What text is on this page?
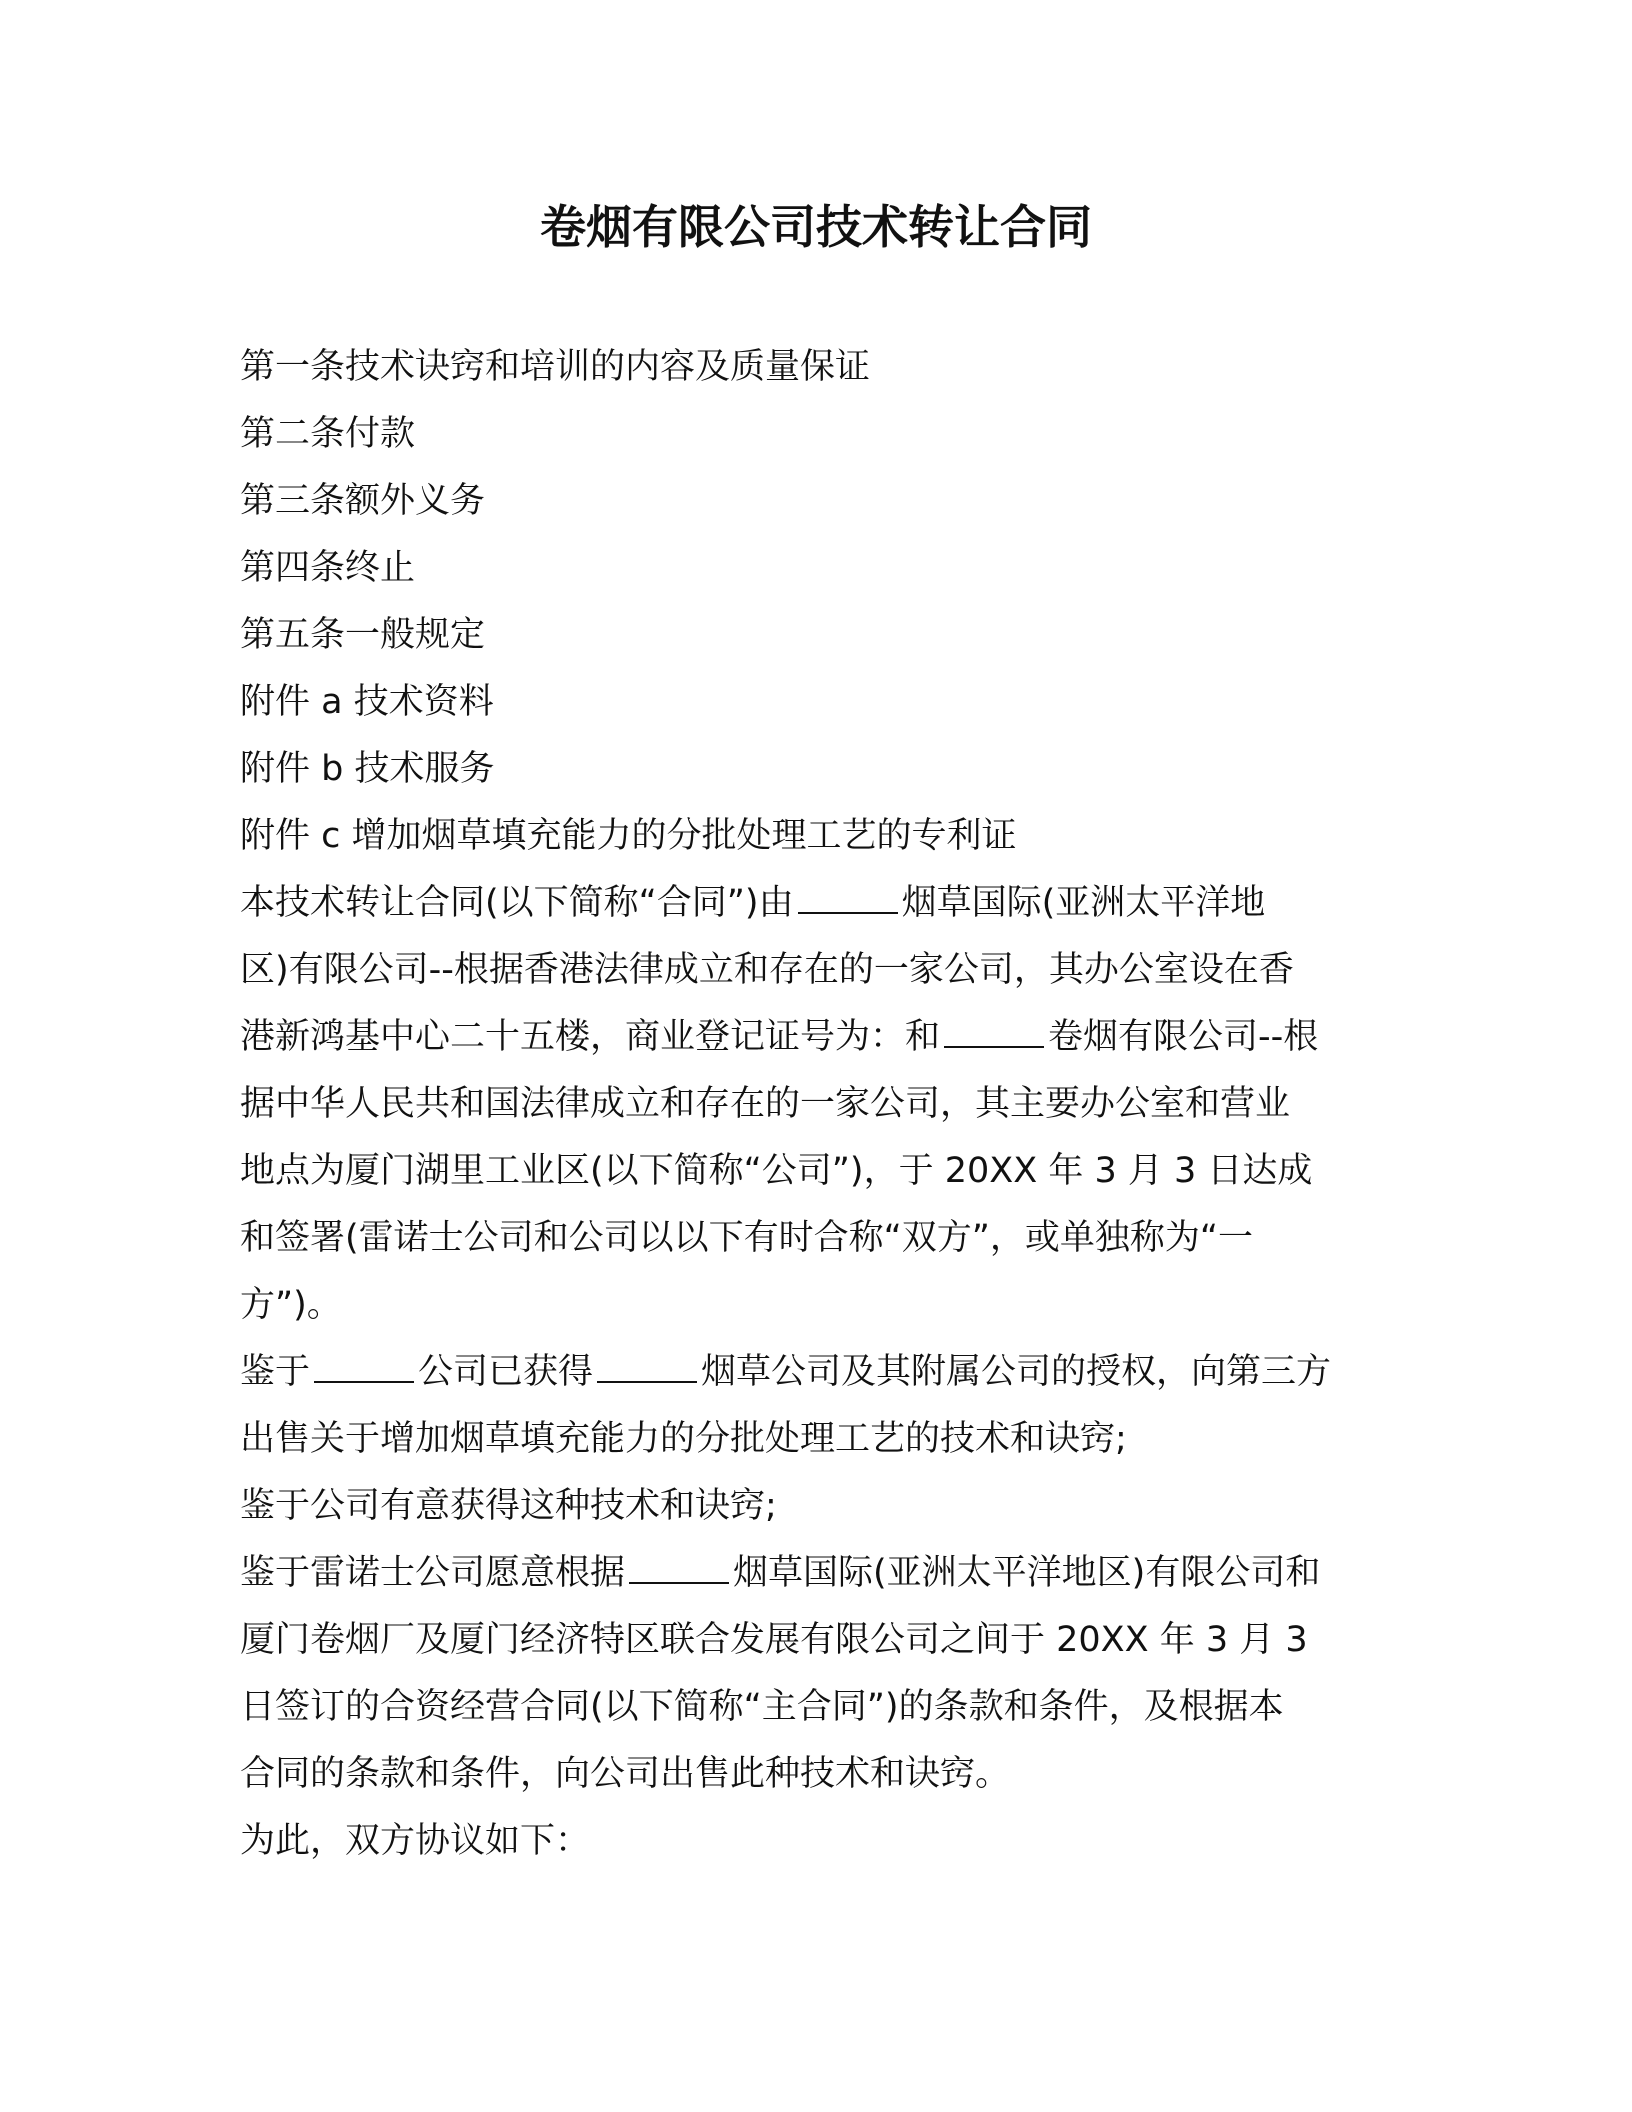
卷烟有限公司技术转让合同

第一条技术诀窍和培训的内容及质量保证

第二条付款

第三条额外义务

第四条终止

第五条一般规定

附件 a 技术资料

附件 b 技术服务

附件 c 增加烟草填充能力的分批处理工艺的专利证

本技术转让合同(以下简称“合同”)由	烟草国际(亚洲太平洋地

区)有限公司--根据香港法律成立和存在的一家公司，其办公室设在香

港新鸿基中心二十五楼，商业登记证号为：和	卷烟有限公司--根

据中华人民共和国法律成立和存在的一家公司，其主要办公室和营业

地点为厦门湖里工业区(以下简称“公司”)，于 20XX 年 3 月 3 日达成

和签署(雷诺士公司和公司以以下有时合称“双方”，或单独称为“一

方”)。

鉴于	公司已获得	烟草公司及其附属公司的授权，向第三方

出售关于增加烟草填充能力的分批处理工艺的技术和诀窍;

鉴于公司有意获得这种技术和诀窍;

鉴于雷诺士公司愿意根据	烟草国际(亚洲太平洋地区)有限公司和

厦门卷烟厂及厦门经济特区联合发展有限公司之间于 20XX 年 3 月 3

日签订的合资经营合同(以下简称“主合同”)的条款和条件，及根据本

合同的条款和条件，向公司出售此种技术和诀窍。

为此，双方协议如下：
